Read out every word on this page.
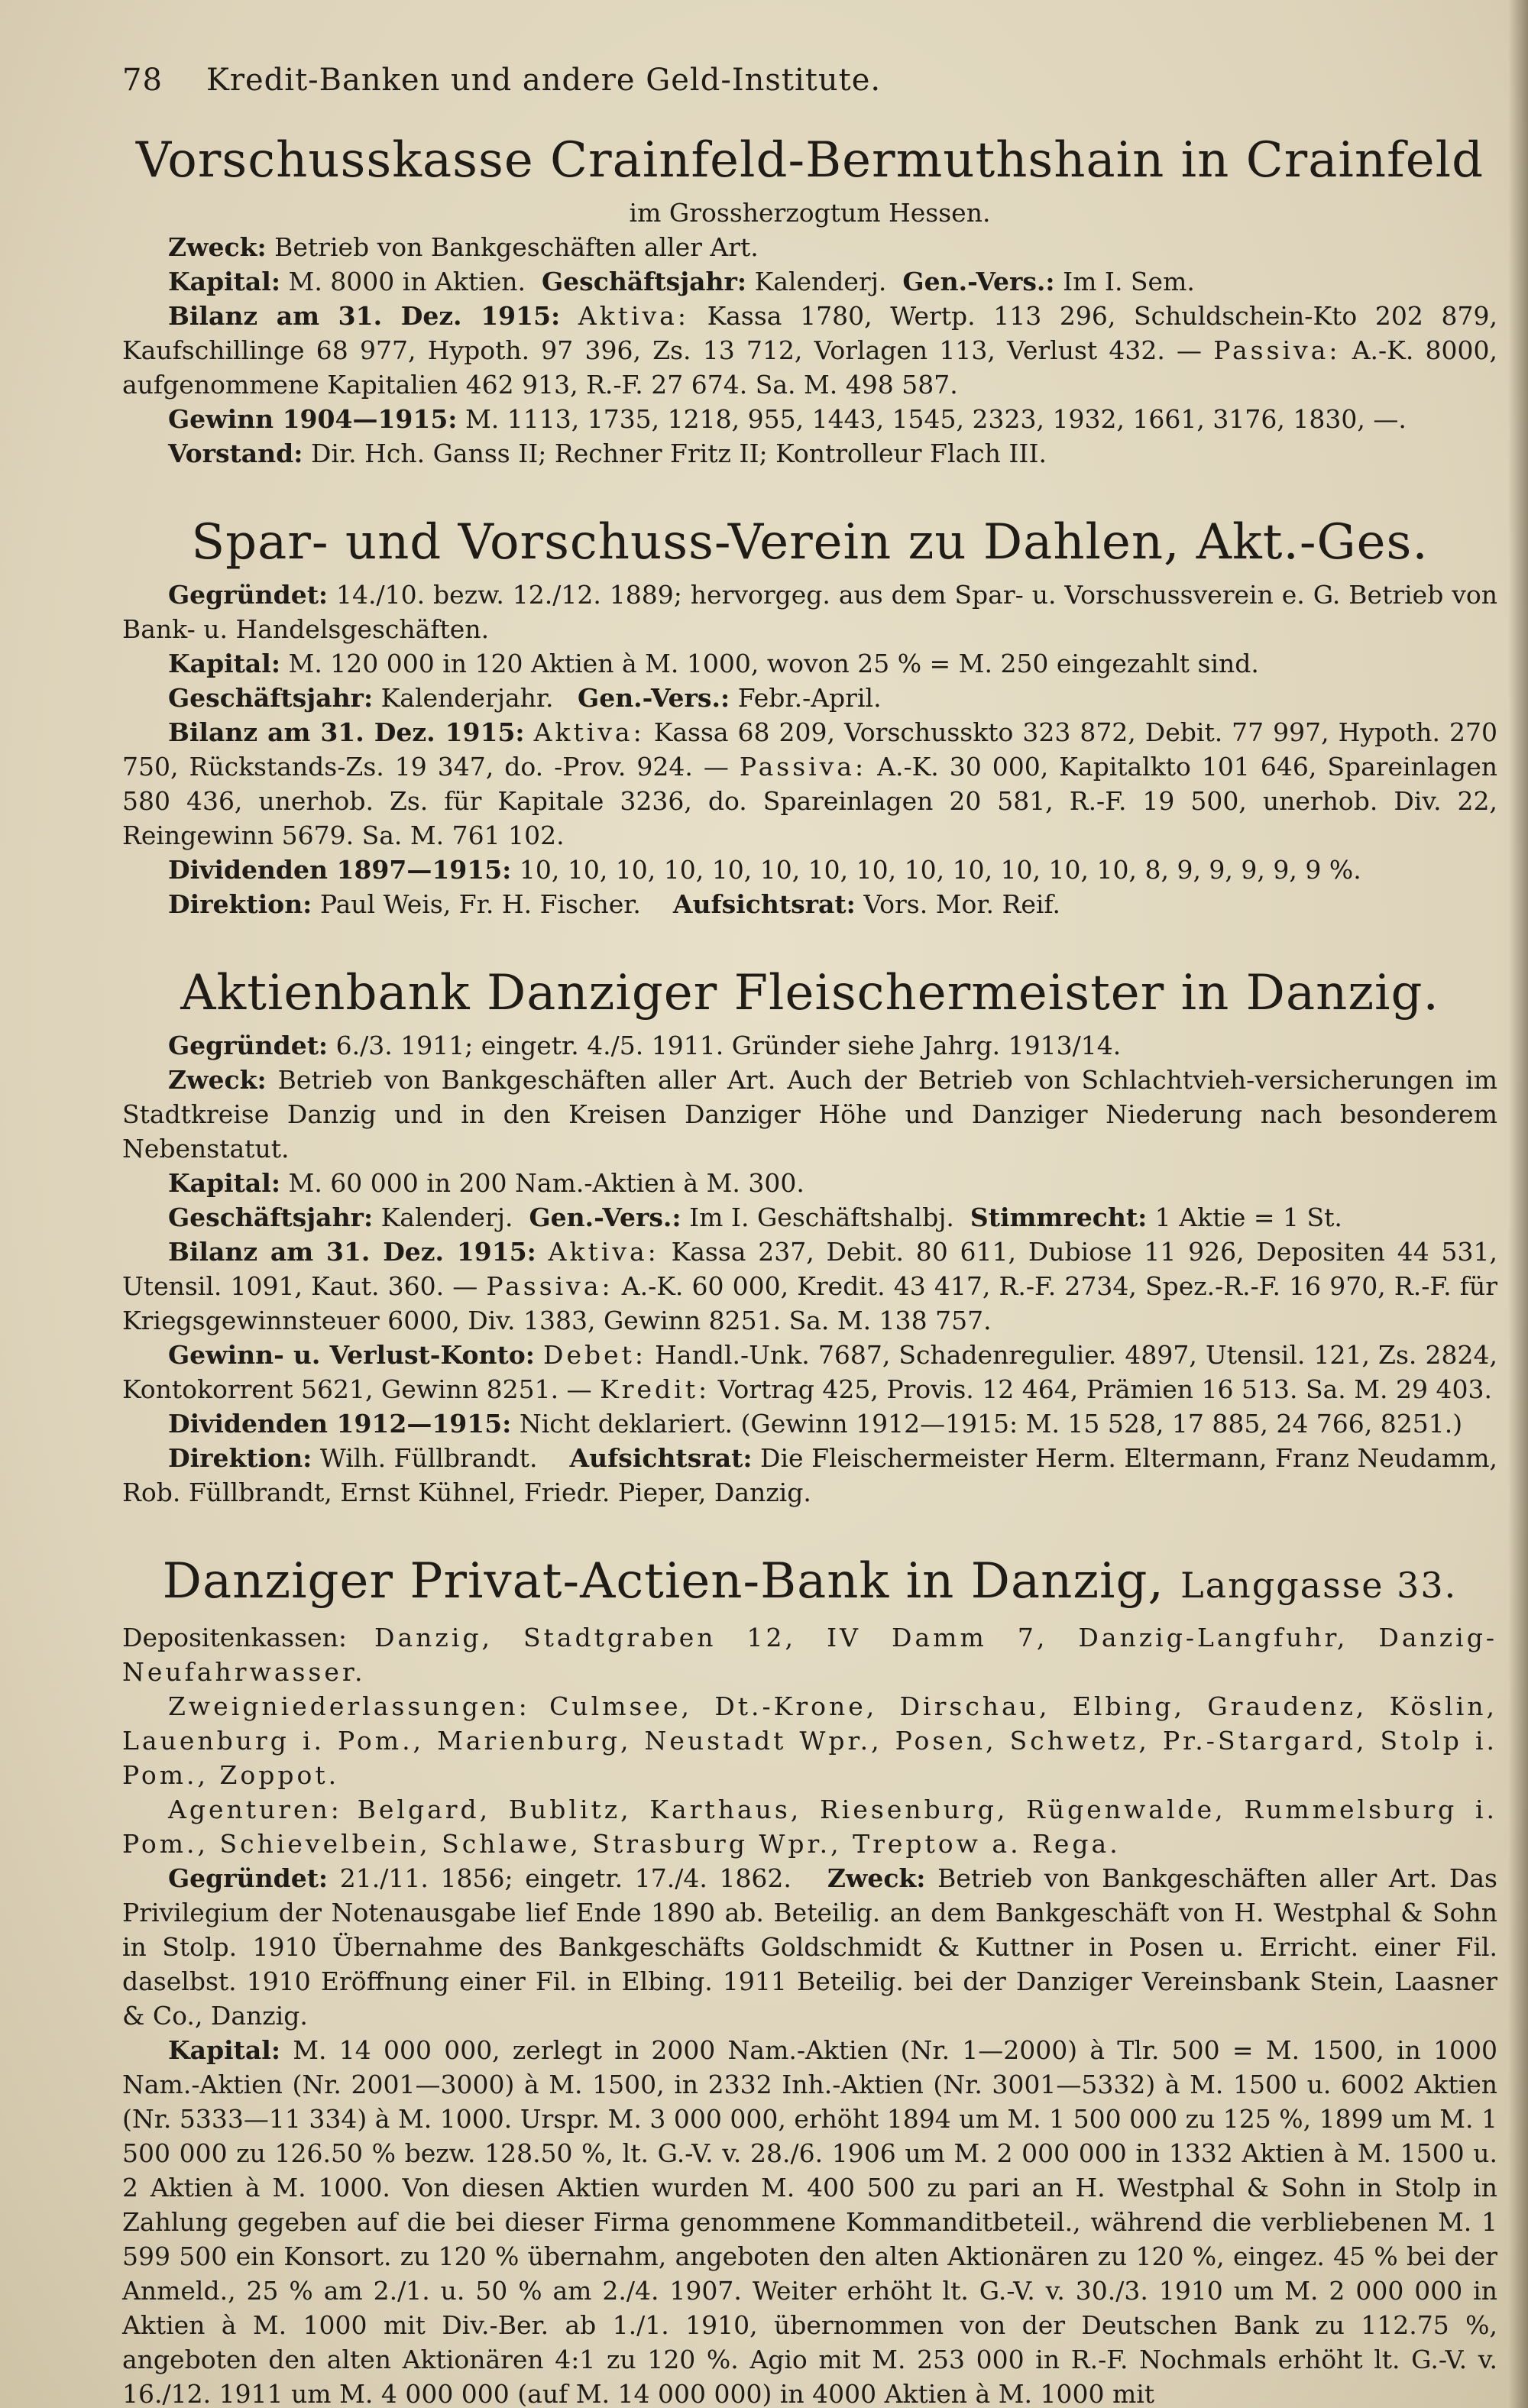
78 Kredit-Banken und andere Geld-Institute.
Vorschusskasse Crainfeld-Bermuthshain in Crainfeld
im Grossherzogtum Hessen.

Zweck: Betrieb von Bankgeschäften aller Art.

Kapital: M. 8000 in Aktien. Geschäftsjahr: Kalenderj. Gen.-Vers.: Im I. Sem.

Bilanz am 31. Dez. 1915: Aktiva: Kassa 1780, Wertp. 113 296, Schuldschein-Kto 202 879, Kaufschillinge 68 977, Hypoth. 97 396, Zs. 13 712, Vorlagen 113, Verlust 432. — Passiva: A.-K. 8000, aufgenommene Kapitalien 462 913, R.-F. 27 674. Sa. M. 498 587.

Gewinn 1904—1915: M. 1113, 1735, 1218, 955, 1443, 1545, 2323, 1932, 1661, 3176, 1830, —.

Vorstand: Dir. Hch. Ganss II; Rechner Fritz II; Kontrolleur Flach III.

Spar- und Vorschuss-Verein zu Dahlen, Akt.-Ges.

Gegründet: 14./10. bezw. 12./12. 1889; hervorgeg. aus dem Spar- u. Vorschussverein e. G. Betrieb von Bank- u. Handelsgeschäften.

Kapital: M. 120 000 in 120 Aktien à M. 1000, wovon 25 % = M. 250 eingezahlt sind.

Geschäftsjahr: Kalenderjahr. Gen.-Vers.: Febr.-April.

Bilanz am 31. Dez. 1915: Aktiva: Kassa 68 209, Vorschusskto 323 872, Debit. 77 997, Hypoth. 270 750, Rückstands-Zs. 19 347, do. -Prov. 924. — Passiva: A.-K. 30 000, Kapitalkto 101 646, Spareinlagen 580 436, unerhob. Zs. für Kapitale 3236, do. Spareinlagen 20 581, R.-F. 19 500, unerhob. Div. 22, Reingewinn 5679. Sa. M. 761 102.

Dividenden 1897—1915: 10, 10, 10, 10, 10, 10, 10, 10, 10, 10, 10, 10, 10, 8, 9, 9, 9, 9, 9 %.

Direktion: Paul Weis, Fr. H. Fischer. Aufsichtsrat: Vors. Mor. Reif.

Aktienbank Danziger Fleischermeister in Danzig.

Gegründet: 6./3. 1911; eingetr. 4./5. 1911. Gründer siehe Jahrg. 1913/14.

Zweck: Betrieb von Bankgeschäften aller Art. Auch der Betrieb von Schlachtvieh-versicherungen im Stadtkreise Danzig und in den Kreisen Danziger Höhe und Danziger Niederung nach besonderem Nebenstatut.

Kapital: M. 60 000 in 200 Nam.-Aktien à M. 300.

Geschäftsjahr: Kalenderj. Gen.-Vers.: Im I. Geschäftshalbj. Stimmrecht: 1 Aktie = 1 St.

Bilanz am 31. Dez. 1915: Aktiva: Kassa 237, Debit. 80 611, Dubiose 11 926, Depositen 44 531, Utensil. 1091, Kaut. 360. — Passiva: A.-K. 60 000, Kredit. 43 417, R.-F. 2734, Spez.-R.-F. 16 970, R.-F. für Kriegsgewinnsteuer 6000, Div. 1383, Gewinn 8251. Sa. M. 138 757.

Gewinn- u. Verlust-Konto: Debet: Handl.-Unk. 7687, Schadenregulier. 4897, Utensil. 121, Zs. 2824, Kontokorrent 5621, Gewinn 8251. — Kredit: Vortrag 425, Provis. 12 464, Prämien 16 513. Sa. M. 29 403.

Dividenden 1912—1915: Nicht deklariert. (Gewinn 1912—1915: M. 15 528, 17 885, 24 766, 8251.)

Direktion: Wilh. Füllbrandt. Aufsichtsrat: Die Fleischermeister Herm. Eltermann, Franz Neudamm, Rob. Füllbrandt, Ernst Kühnel, Friedr. Pieper, Danzig.

Danziger Privat-Actien-Bank in Danzig, Langgasse 33.

Depositenkassen: Danzig, Stadtgraben 12, IV Damm 7, Danzig-Langfuhr, Danzig-Neufahrwasser.

Zweigniederlassungen: Culmsee, Dt.-Krone, Dirschau, Elbing, Graudenz, Köslin, Lauenburg i. Pom., Marienburg, Neustadt Wpr., Posen, Schwetz, Pr.-Stargard, Stolp i. Pom., Zoppot.

Agenturen: Belgard, Bublitz, Karthaus, Riesenburg, Rügenwalde, Rummelsburg i. Pom., Schievelbein, Schlawe, Strasburg Wpr., Treptow a. Rega.

Gegründet: 21./11. 1856; eingetr. 17./4. 1862. Zweck: Betrieb von Bankgeschäften aller Art. Das Privilegium der Notenausgabe lief Ende 1890 ab. Beteilig. an dem Bankgeschäft von H. Westphal & Sohn in Stolp. 1910 Übernahme des Bankgeschäfts Goldschmidt & Kuttner in Posen u. Erricht. einer Fil. daselbst. 1910 Eröffnung einer Fil. in Elbing. 1911 Beteilig. bei der Danziger Vereinsbank Stein, Laasner & Co., Danzig.

Kapital: M. 14 000 000, zerlegt in 2000 Nam.-Aktien (Nr. 1—2000) à Tlr. 500 = M. 1500, in 1000 Nam.-Aktien (Nr. 2001—3000) à M. 1500, in 2332 Inh.-Aktien (Nr. 3001—5332) à M. 1500 u. 6002 Aktien (Nr. 5333—11 334) à M. 1000. Urspr. M. 3 000 000, erhöht 1894 um M. 1 500 000 zu 125 %, 1899 um M. 1 500 000 zu 126.50 % bezw. 128.50 %, lt. G.-V. v. 28./6. 1906 um M. 2 000 000 in 1332 Aktien à M. 1500 u. 2 Aktien à M. 1000. Von diesen Aktien wurden M. 400 500 zu pari an H. Westphal & Sohn in Stolp in Zahlung gegeben auf die bei dieser Firma genommene Kommanditbeteil., während die verbliebenen M. 1 599 500 ein Konsort. zu 120 % übernahm, angeboten den alten Aktionären zu 120 %, eingez. 45 % bei der Anmeld., 25 % am 2./1. u. 50 % am 2./4. 1907. Weiter erhöht lt. G.-V. v. 30./3. 1910 um M. 2 000 000 in Aktien à M. 1000 mit Div.-Ber. ab 1./1. 1910, übernommen von der Deutschen Bank zu 112.75 %, angeboten den alten Aktionären 4:1 zu 120 %. Agio mit M. 253 000 in R.-F. Nochmals erhöht lt. G.-V. v. 16./12. 1911 um M. 4 000 000 (auf M. 14 000 000) in 4000 Aktien à M. 1000 mit
